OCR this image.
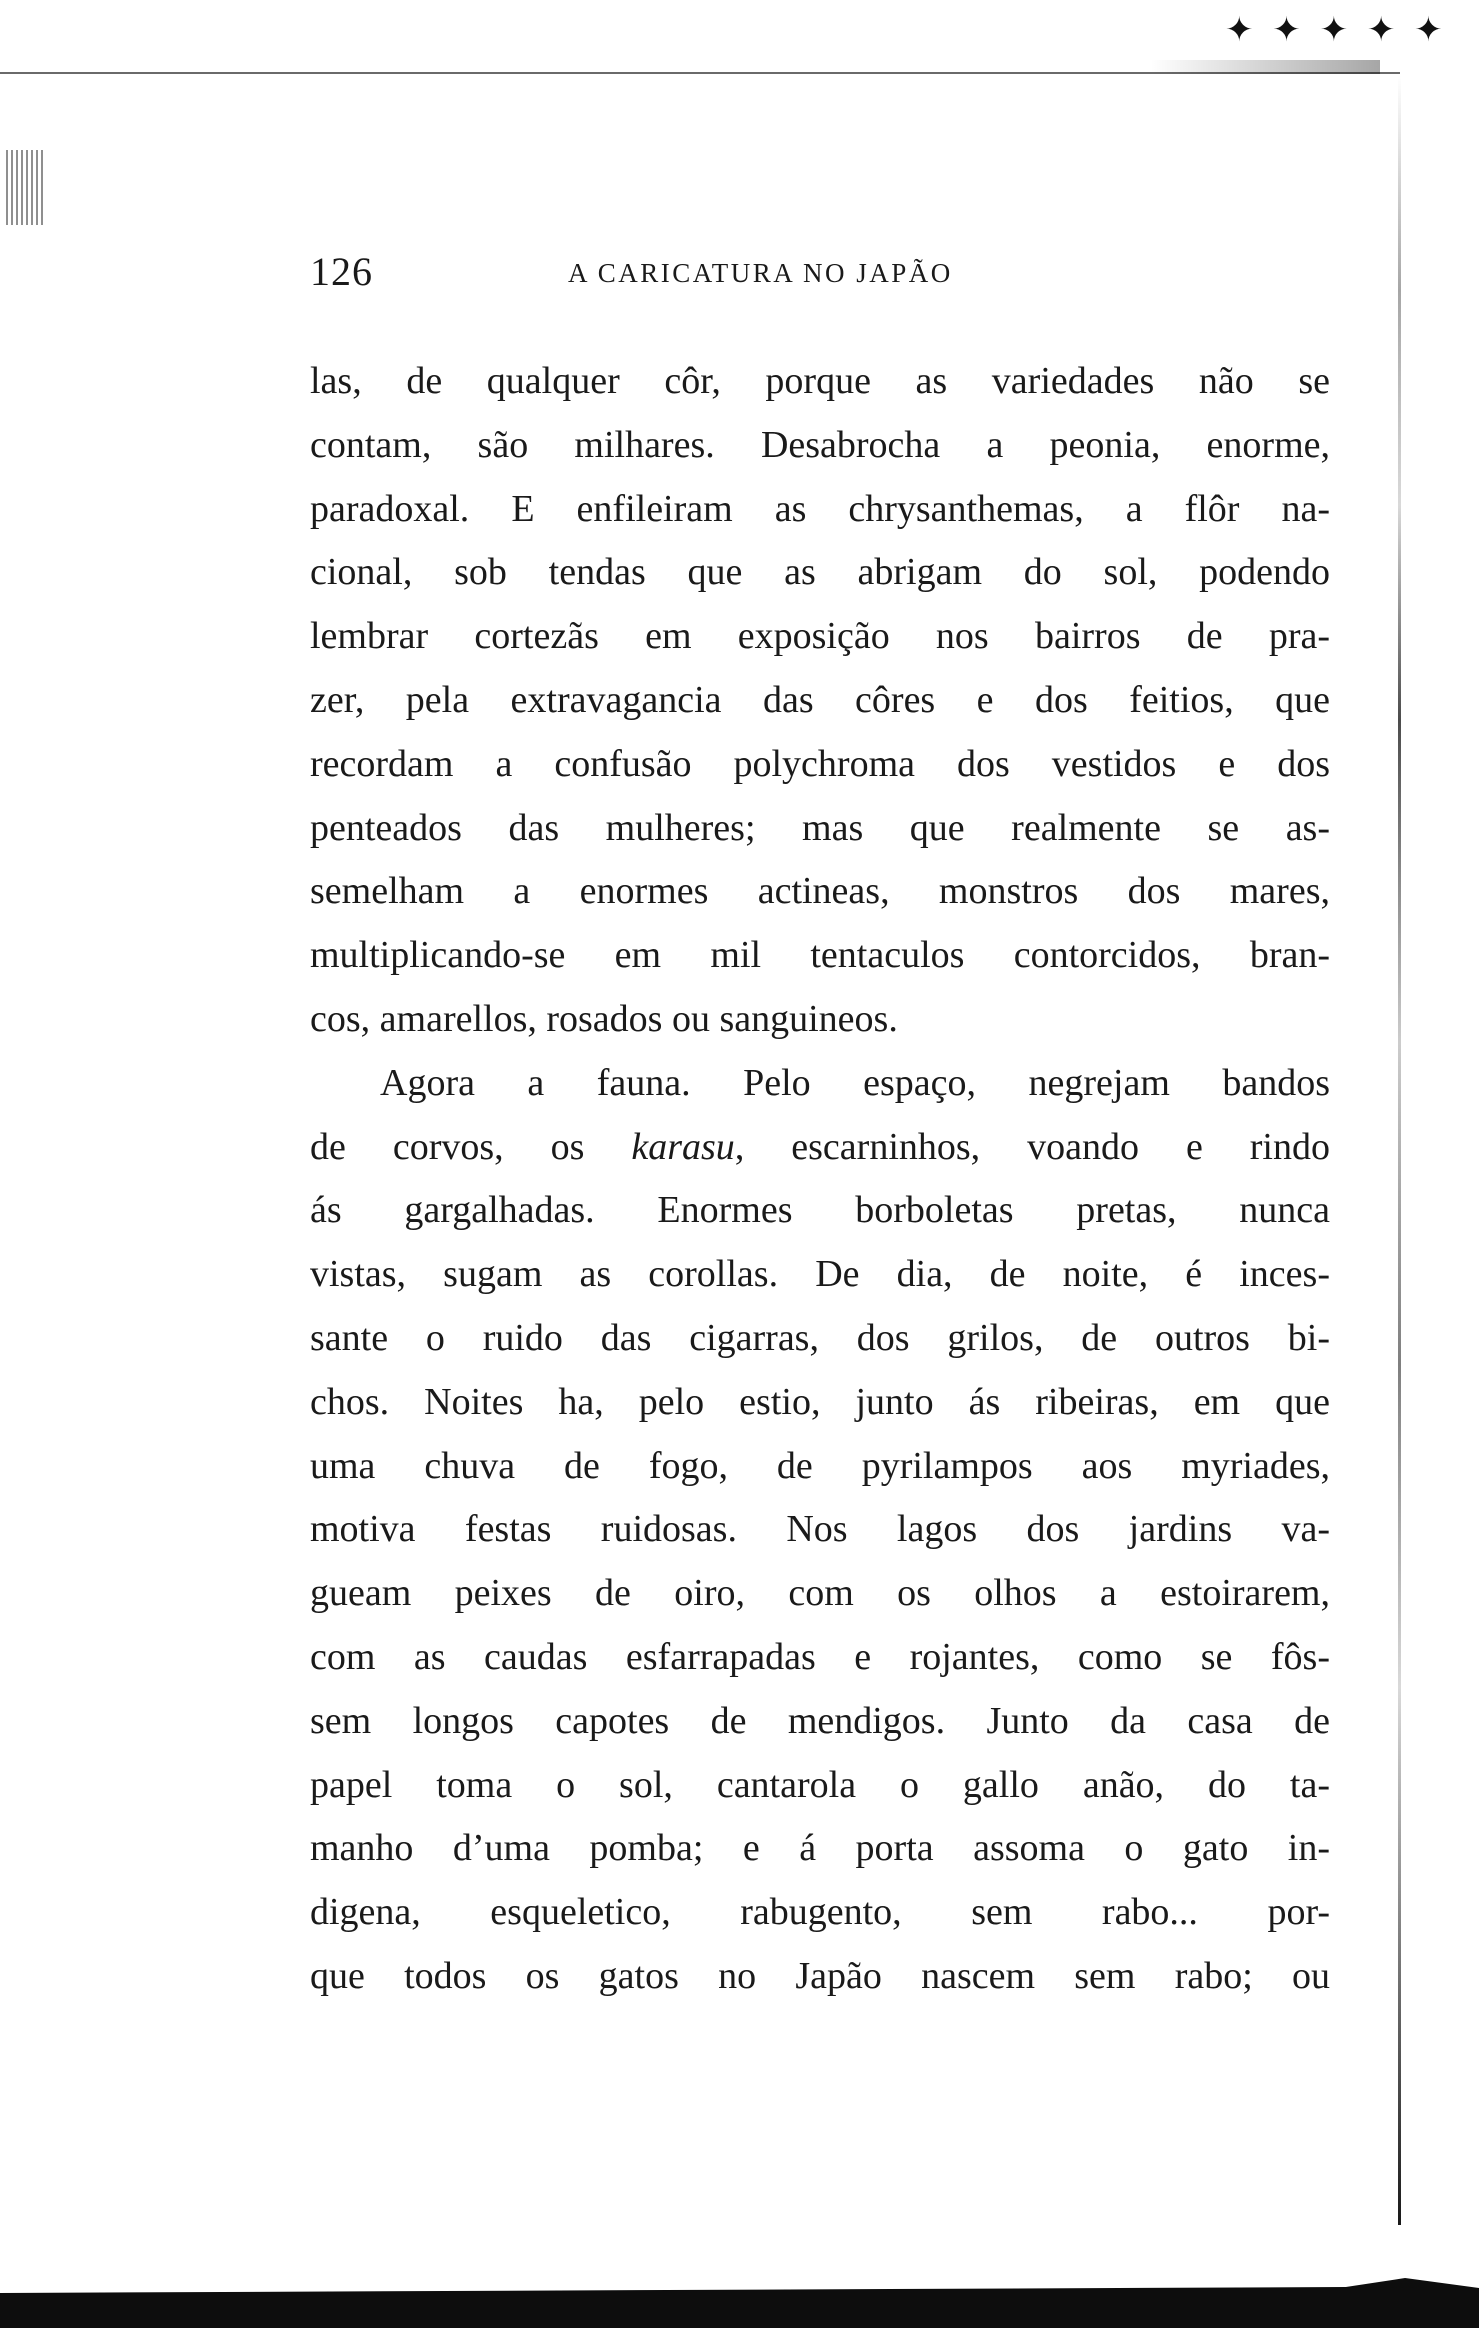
✦ ✦ ✦ ✦ ✦
126	A CARICATURA NO JAPÃO
las, de qualquer côr, porque as variedades não se
contam, são milhares. Desabrocha a peonia, enorme,
paradoxal. E enfileiram as chrysanthemas, a flôr na-
cional, sob tendas que as abrigam do sol, podendo
lembrar cortezãs em exposição nos bairros de pra-
zer, pela extravagancia das côres e dos feitios, que
recordam a confusão polychroma dos vestidos e dos
penteados das mulheres; mas que realmente se as-
semelham a enormes actineas, monstros dos mares,
multiplicando-se em mil tentaculos contorcidos, bran-
cos, amarellos, rosados ou sanguineos.
Agora a fauna. Pelo espaço, negrejam bandos
de corvos, os karasu, escarninhos, voando e rindo
ás gargalhadas. Enormes borboletas pretas, nunca
vistas, sugam as corollas. De dia, de noite, é inces-
sante o ruido das cigarras, dos grilos, de outros bi-
chos. Noites ha, pelo estio, junto ás ribeiras, em que
uma chuva de fogo, de pyrilampos aos myriades,
motiva festas ruidosas. Nos lagos dos jardins va-
gueam peixes de oiro, com os olhos a estoirarem,
com as caudas esfarrapadas e rojantes, como se fôs-
sem longos capotes de mendigos. Junto da casa de
papel toma o sol, cantarola o gallo anão, do ta-
manho d’uma pomba; e á porta assoma o gato in-
digena, esqueletico, rabugento, sem rabo... por-
que todos os gatos no Japão nascem sem rabo; ou
